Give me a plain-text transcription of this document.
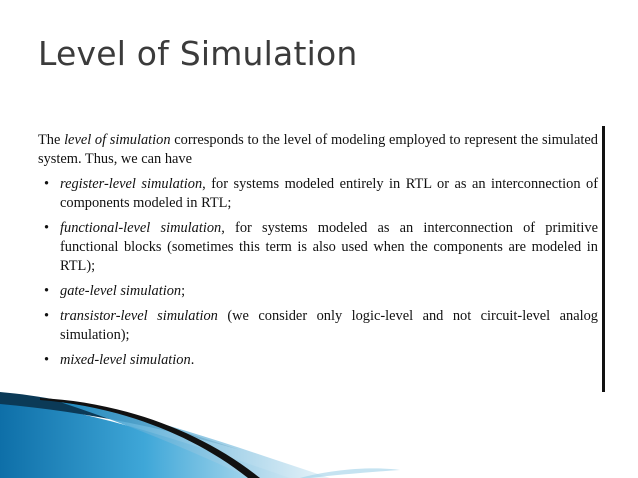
Level of Simulation

The level of simulation corresponds to the level of modeling employed to represent the simulated system. Thus, we can have

• register-level simulation, for systems modeled entirely in RTL or as an interconnection of components modeled in RTL;
• functional-level simulation, for systems modeled as an interconnection of primitive functional blocks (sometimes this term is also used when the components are modeled in RTL);
• gate-level simulation;
• transistor-level simulation (we consider only logic-level and not circuit-level analog simulation);
• mixed-level simulation.
